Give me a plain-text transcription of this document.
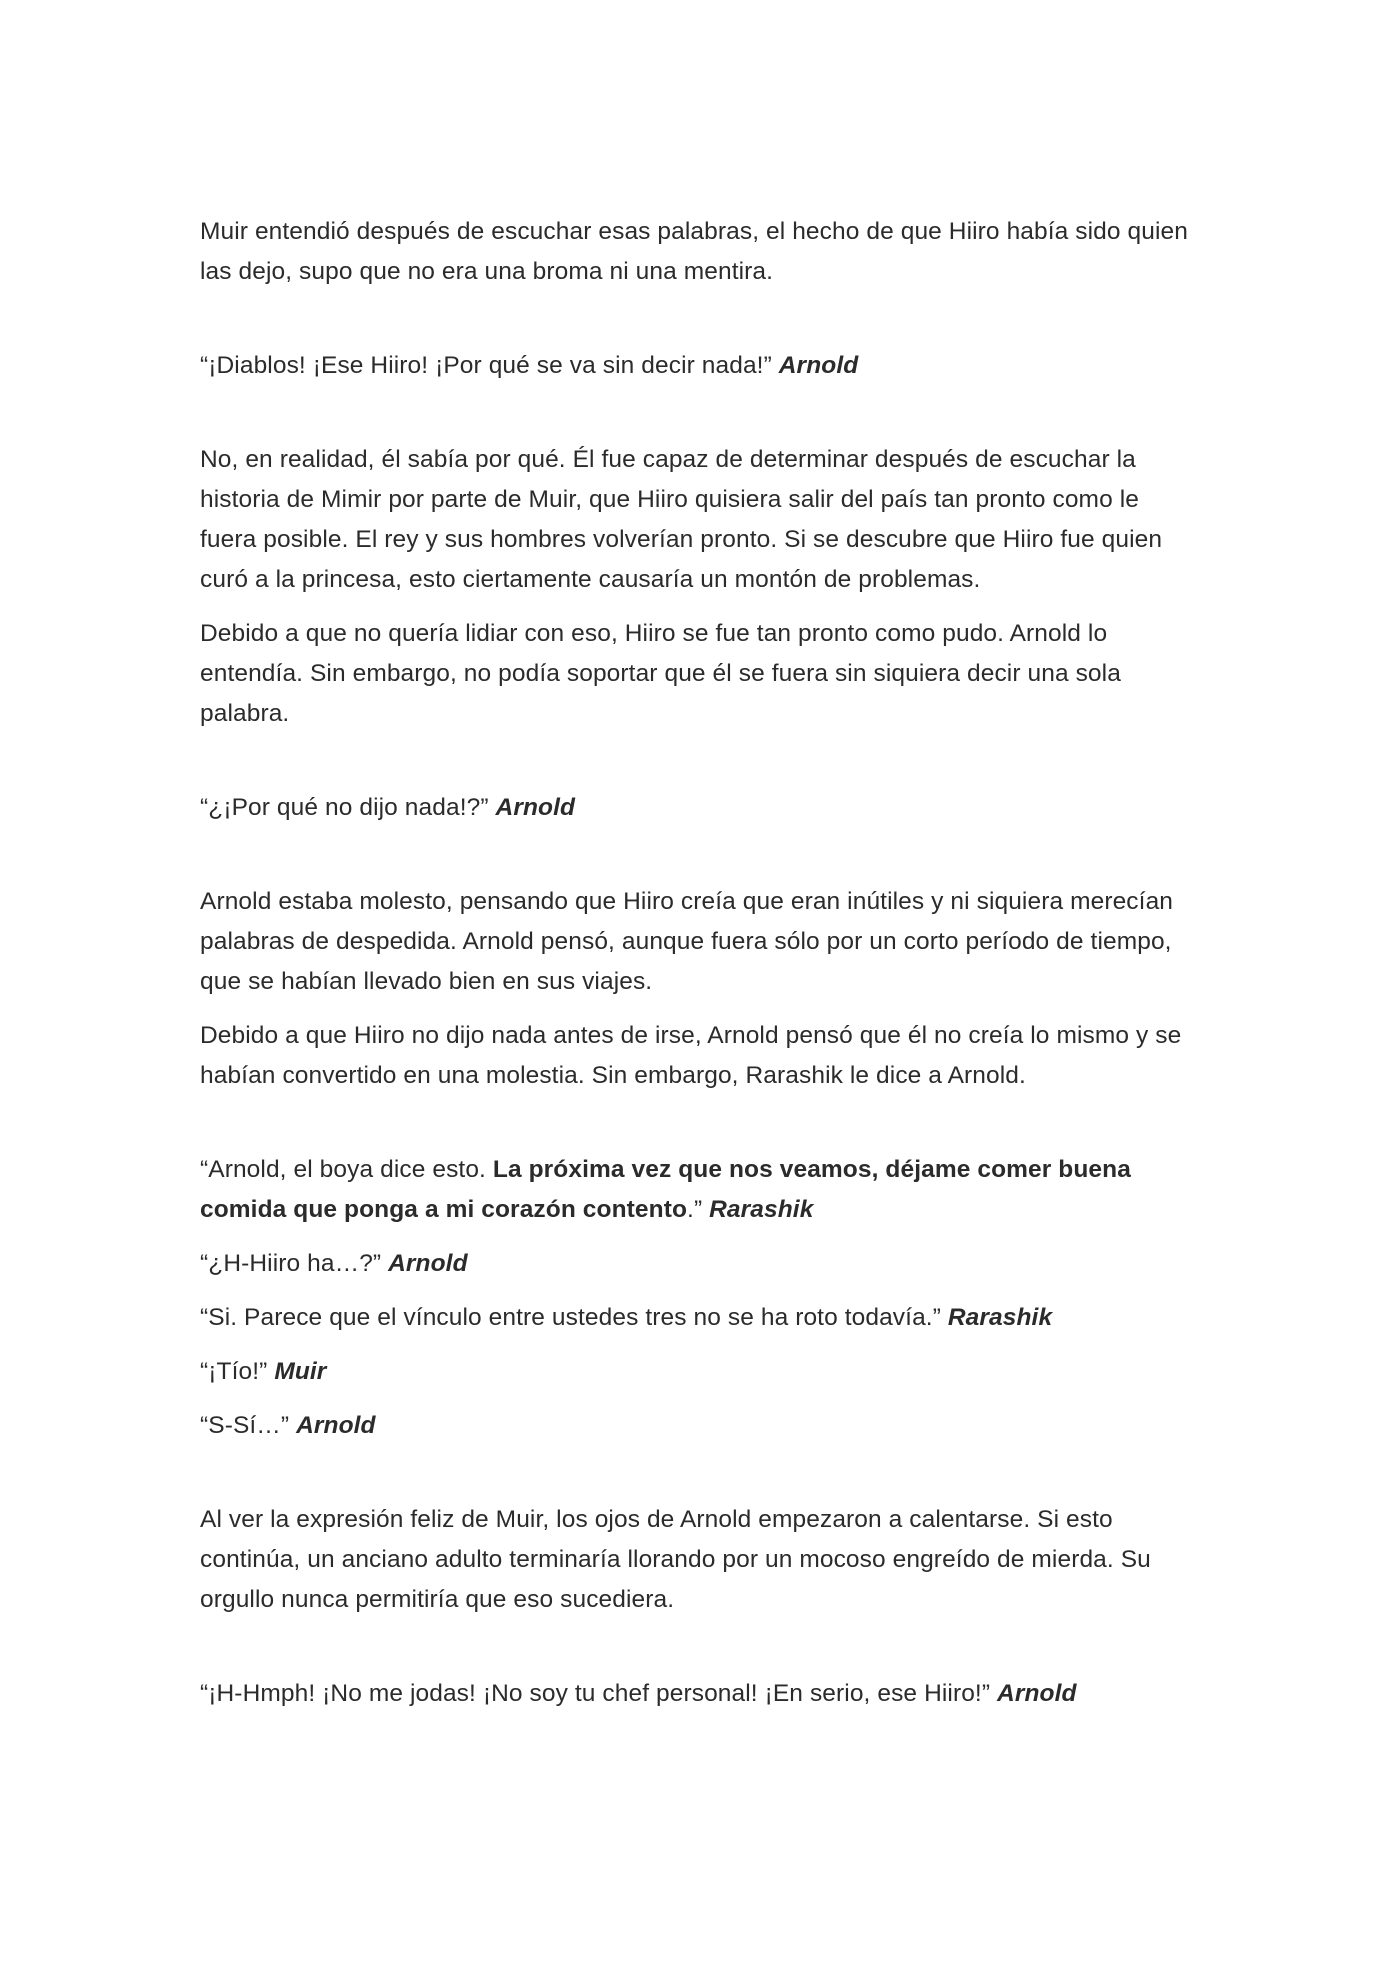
Muir entendió después de escuchar esas palabras, el hecho de que Hiiro había sido quien

las dejo, supo que no era una broma ni una mentira.

“¡Diablos! ¡Ese Hiiro! ¡Por qué se va sin decir nada!” Arnold

No, en realidad, él sabía por qué. Él fue capaz de determinar después de escuchar la

historia de Mimir por parte de Muir, que Hiiro quisiera salir del país tan pronto como le

fuera posible. El rey y sus hombres volverían pronto. Si se descubre que Hiiro fue quien

curó a la princesa, esto ciertamente causaría un montón de problemas.

Debido a que no quería lidiar con eso, Hiiro se fue tan pronto como pudo. Arnold lo

entendía. Sin embargo, no podía soportar que él se fuera sin siquiera decir una sola

palabra.

“¿¡Por qué no dijo nada!?” Arnold

Arnold estaba molesto, pensando que Hiiro creía que eran inútiles y ni siquiera merecían

palabras de despedida. Arnold pensó, aunque fuera sólo por un corto período de tiempo,

que se habían llevado bien en sus viajes.

Debido a que Hiiro no dijo nada antes de irse, Arnold pensó que él no creía lo mismo y se

habían convertido en una molestia. Sin embargo, Rarashik le dice a Arnold.

“Arnold, el boya dice esto. La próxima vez que nos veamos, déjame comer buena

comida que ponga a mi corazón contento.” Rarashik

“¿H-Hiiro ha…?” Arnold

“Si. Parece que el vínculo entre ustedes tres no se ha roto todavía.” Rarashik

“¡Tío!” Muir

“S-Sí…” Arnold

Al ver la expresión feliz de Muir, los ojos de Arnold empezaron a calentarse. Si esto

continúa, un anciano adulto terminaría llorando por un mocoso engreído de mierda. Su

orgullo nunca permitiría que eso sucediera.

“¡H-Hmph! ¡No me jodas! ¡No soy tu chef personal! ¡En serio, ese Hiiro!” Arnold
